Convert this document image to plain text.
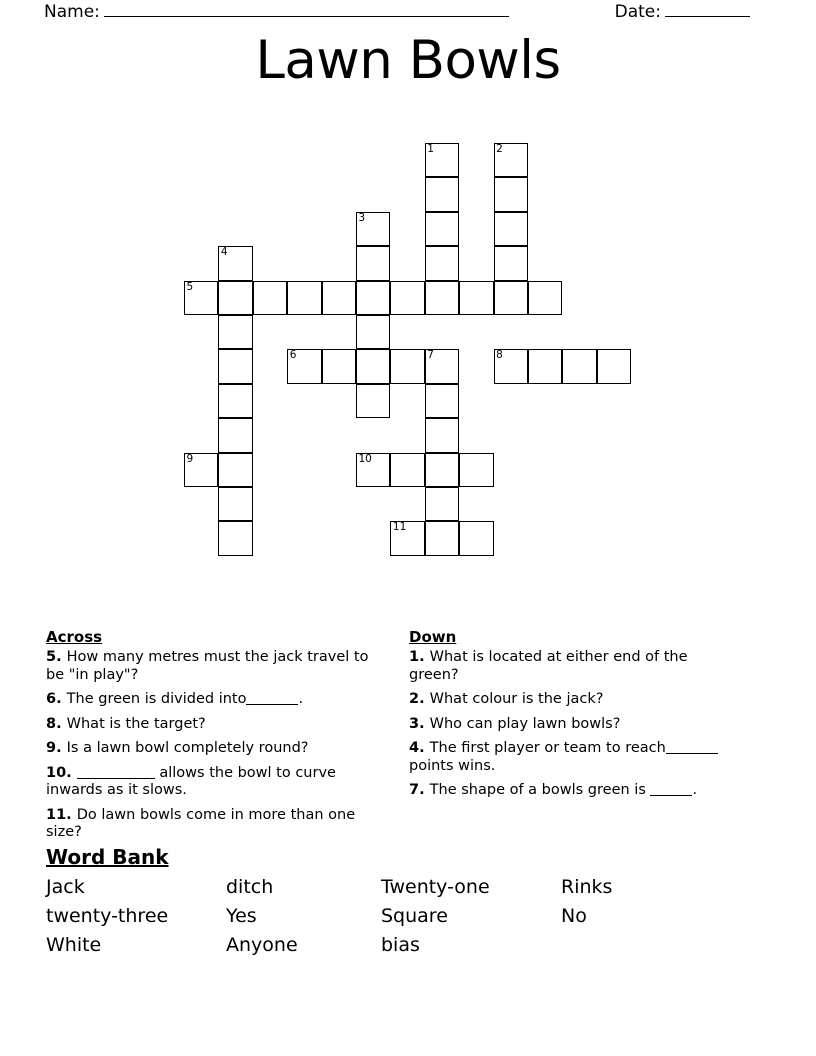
Name:	Date:
Lawn Bowls
1	2
3
4
5
6	7	8
9	10
11
Across

5. How many metres must the jack travel to be "in play"?

6. The green is divided into	.

8. What is the target?

9. Is a lawn bowl completely round?

10.	allows the bowl to curve inwards as it slows.

11. Do lawn bowls come in more than one size?

Down

1. What is located at either end of the green?

2. What colour is the jack?

3. Who can play lawn bowls?

4. The first player or team to reach points wins.

7. The shape of a bowls green is	.

Word Bank
Jack	ditch	Twenty-one	Rinks
twenty-three	Yes	Square	No
White	Anyone	bias
